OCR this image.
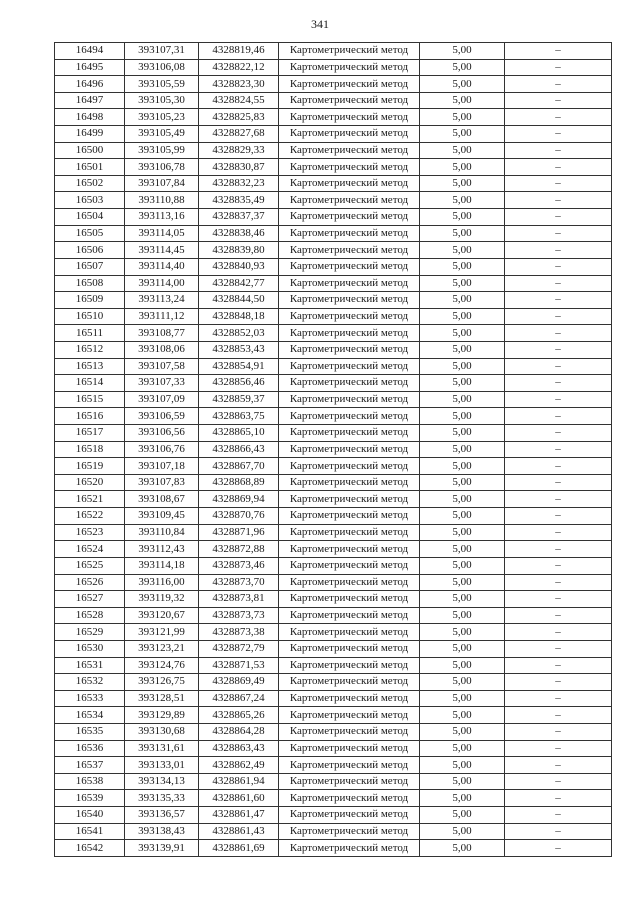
341
16494	393107,31	4328819,46	Картометрический метод	5,00	–
16495	393106,08	4328822,12	Картометрический метод	5,00	–
16496	393105,59	4328823,30	Картометрический метод	5,00	–
16497	393105,30	4328824,55	Картометрический метод	5,00	–
16498	393105,23	4328825,83	Картометрический метод	5,00	–
16499	393105,49	4328827,68	Картометрический метод	5,00	–
16500	393105,99	4328829,33	Картометрический метод	5,00	–
16501	393106,78	4328830,87	Картометрический метод	5,00	–
16502	393107,84	4328832,23	Картометрический метод	5,00	–
16503	393110,88	4328835,49	Картометрический метод	5,00	–
16504	393113,16	4328837,37	Картометрический метод	5,00	–
16505	393114,05	4328838,46	Картометрический метод	5,00	–
16506	393114,45	4328839,80	Картометрический метод	5,00	–
16507	393114,40	4328840,93	Картометрический метод	5,00	–
16508	393114,00	4328842,77	Картометрический метод	5,00	–
16509	393113,24	4328844,50	Картометрический метод	5,00	–
16510	393111,12	4328848,18	Картометрический метод	5,00	–
16511	393108,77	4328852,03	Картометрический метод	5,00	–
16512	393108,06	4328853,43	Картометрический метод	5,00	–
16513	393107,58	4328854,91	Картометрический метод	5,00	–
16514	393107,33	4328856,46	Картометрический метод	5,00	–
16515	393107,09	4328859,37	Картометрический метод	5,00	–
16516	393106,59	4328863,75	Картометрический метод	5,00	–
16517	393106,56	4328865,10	Картометрический метод	5,00	–
16518	393106,76	4328866,43	Картометрический метод	5,00	–
16519	393107,18	4328867,70	Картометрический метод	5,00	–
16520	393107,83	4328868,89	Картометрический метод	5,00	–
16521	393108,67	4328869,94	Картометрический метод	5,00	–
16522	393109,45	4328870,76	Картометрический метод	5,00	–
16523	393110,84	4328871,96	Картометрический метод	5,00	–
16524	393112,43	4328872,88	Картометрический метод	5,00	–
16525	393114,18	4328873,46	Картометрический метод	5,00	–
16526	393116,00	4328873,70	Картометрический метод	5,00	–
16527	393119,32	4328873,81	Картометрический метод	5,00	–
16528	393120,67	4328873,73	Картометрический метод	5,00	–
16529	393121,99	4328873,38	Картометрический метод	5,00	–
16530	393123,21	4328872,79	Картометрический метод	5,00	–
16531	393124,76	4328871,53	Картометрический метод	5,00	–
16532	393126,75	4328869,49	Картометрический метод	5,00	–
16533	393128,51	4328867,24	Картометрический метод	5,00	–
16534	393129,89	4328865,26	Картометрический метод	5,00	–
16535	393130,68	4328864,28	Картометрический метод	5,00	–
16536	393131,61	4328863,43	Картометрический метод	5,00	–
16537	393133,01	4328862,49	Картометрический метод	5,00	–
16538	393134,13	4328861,94	Картометрический метод	5,00	–
16539	393135,33	4328861,60	Картометрический метод	5,00	–
16540	393136,57	4328861,47	Картометрический метод	5,00	–
16541	393138,43	4328861,43	Картометрический метод	5,00	–
16542	393139,91	4328861,69	Картометрический метод	5,00	–
